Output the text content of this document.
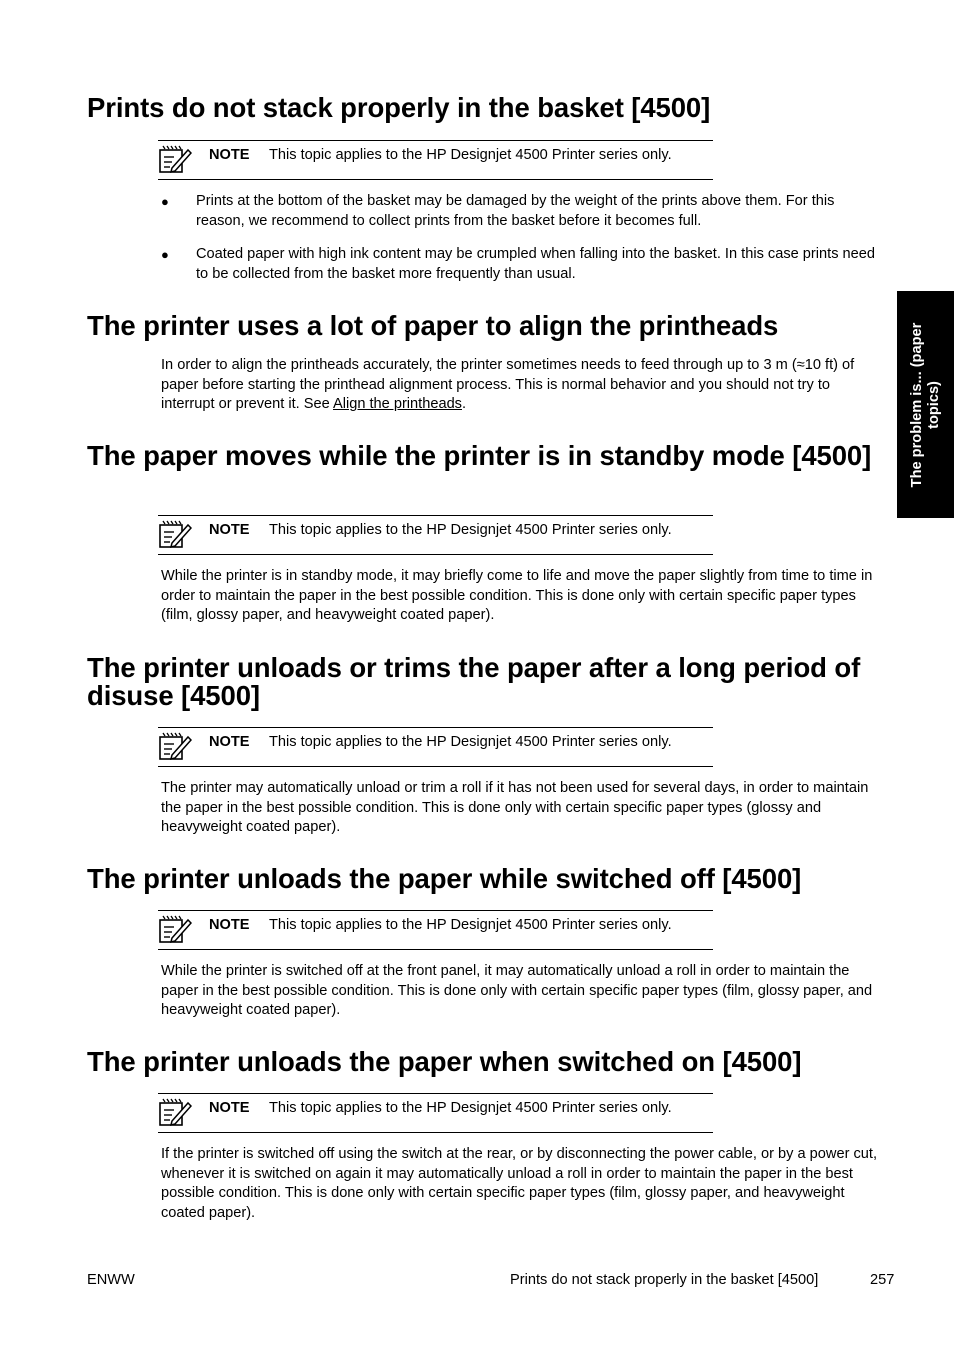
The problem is... (paper
topics)
Prints do not stack properly in the basket [4500]
NOTE This topic applies to the HP Designjet 4500 Printer series only.
● Prints at the bottom of the basket may be damaged by the weight of the prints above them. For this reason, we recommend to collect prints from the basket before it becomes full.
● Coated paper with high ink content may be crumpled when falling into the basket. In this case prints need to be collected from the basket more frequently than usual.
The printer uses a lot of paper to align the printheads

In order to align the printheads accurately, the printer sometimes needs to feed through up to 3 m (≈10 ft) of paper before starting the printhead alignment process. This is normal behavior and you should not try to interrupt or prevent it. See Align the printheads.

The paper moves while the printer is in standby mode [4500]
NOTE This topic applies to the HP Designjet 4500 Printer series only.

While the printer is in standby mode, it may briefly come to life and move the paper slightly from time to time in order to maintain the paper in the best possible condition. This is done only with certain specific paper types (film, glossy paper, and heavyweight coated paper).

The printer unloads or trims the paper after a long period of disuse [4500]
NOTE This topic applies to the HP Designjet 4500 Printer series only.

The printer may automatically unload or trim a roll if it has not been used for several days, in order to maintain the paper in the best possible condition. This is done only with certain specific paper types (glossy and heavyweight coated paper).

The printer unloads the paper while switched off [4500]
NOTE This topic applies to the HP Designjet 4500 Printer series only.

While the printer is switched off at the front panel, it may automatically unload a roll in order to maintain the paper in the best possible condition. This is done only with certain specific paper types (film, glossy paper, and heavyweight coated paper).

The printer unloads the paper when switched on [4500]
NOTE This topic applies to the HP Designjet 4500 Printer series only.

If the printer is switched off using the switch at the rear, or by disconnecting the power cable, or by a power cut, whenever it is switched on again it may automatically unload a roll in order to maintain the paper in the best possible condition. This is done only with certain specific paper types (film, glossy paper, and heavyweight coated paper).

ENWW	Prints do not stack properly in the basket [4500]	257
